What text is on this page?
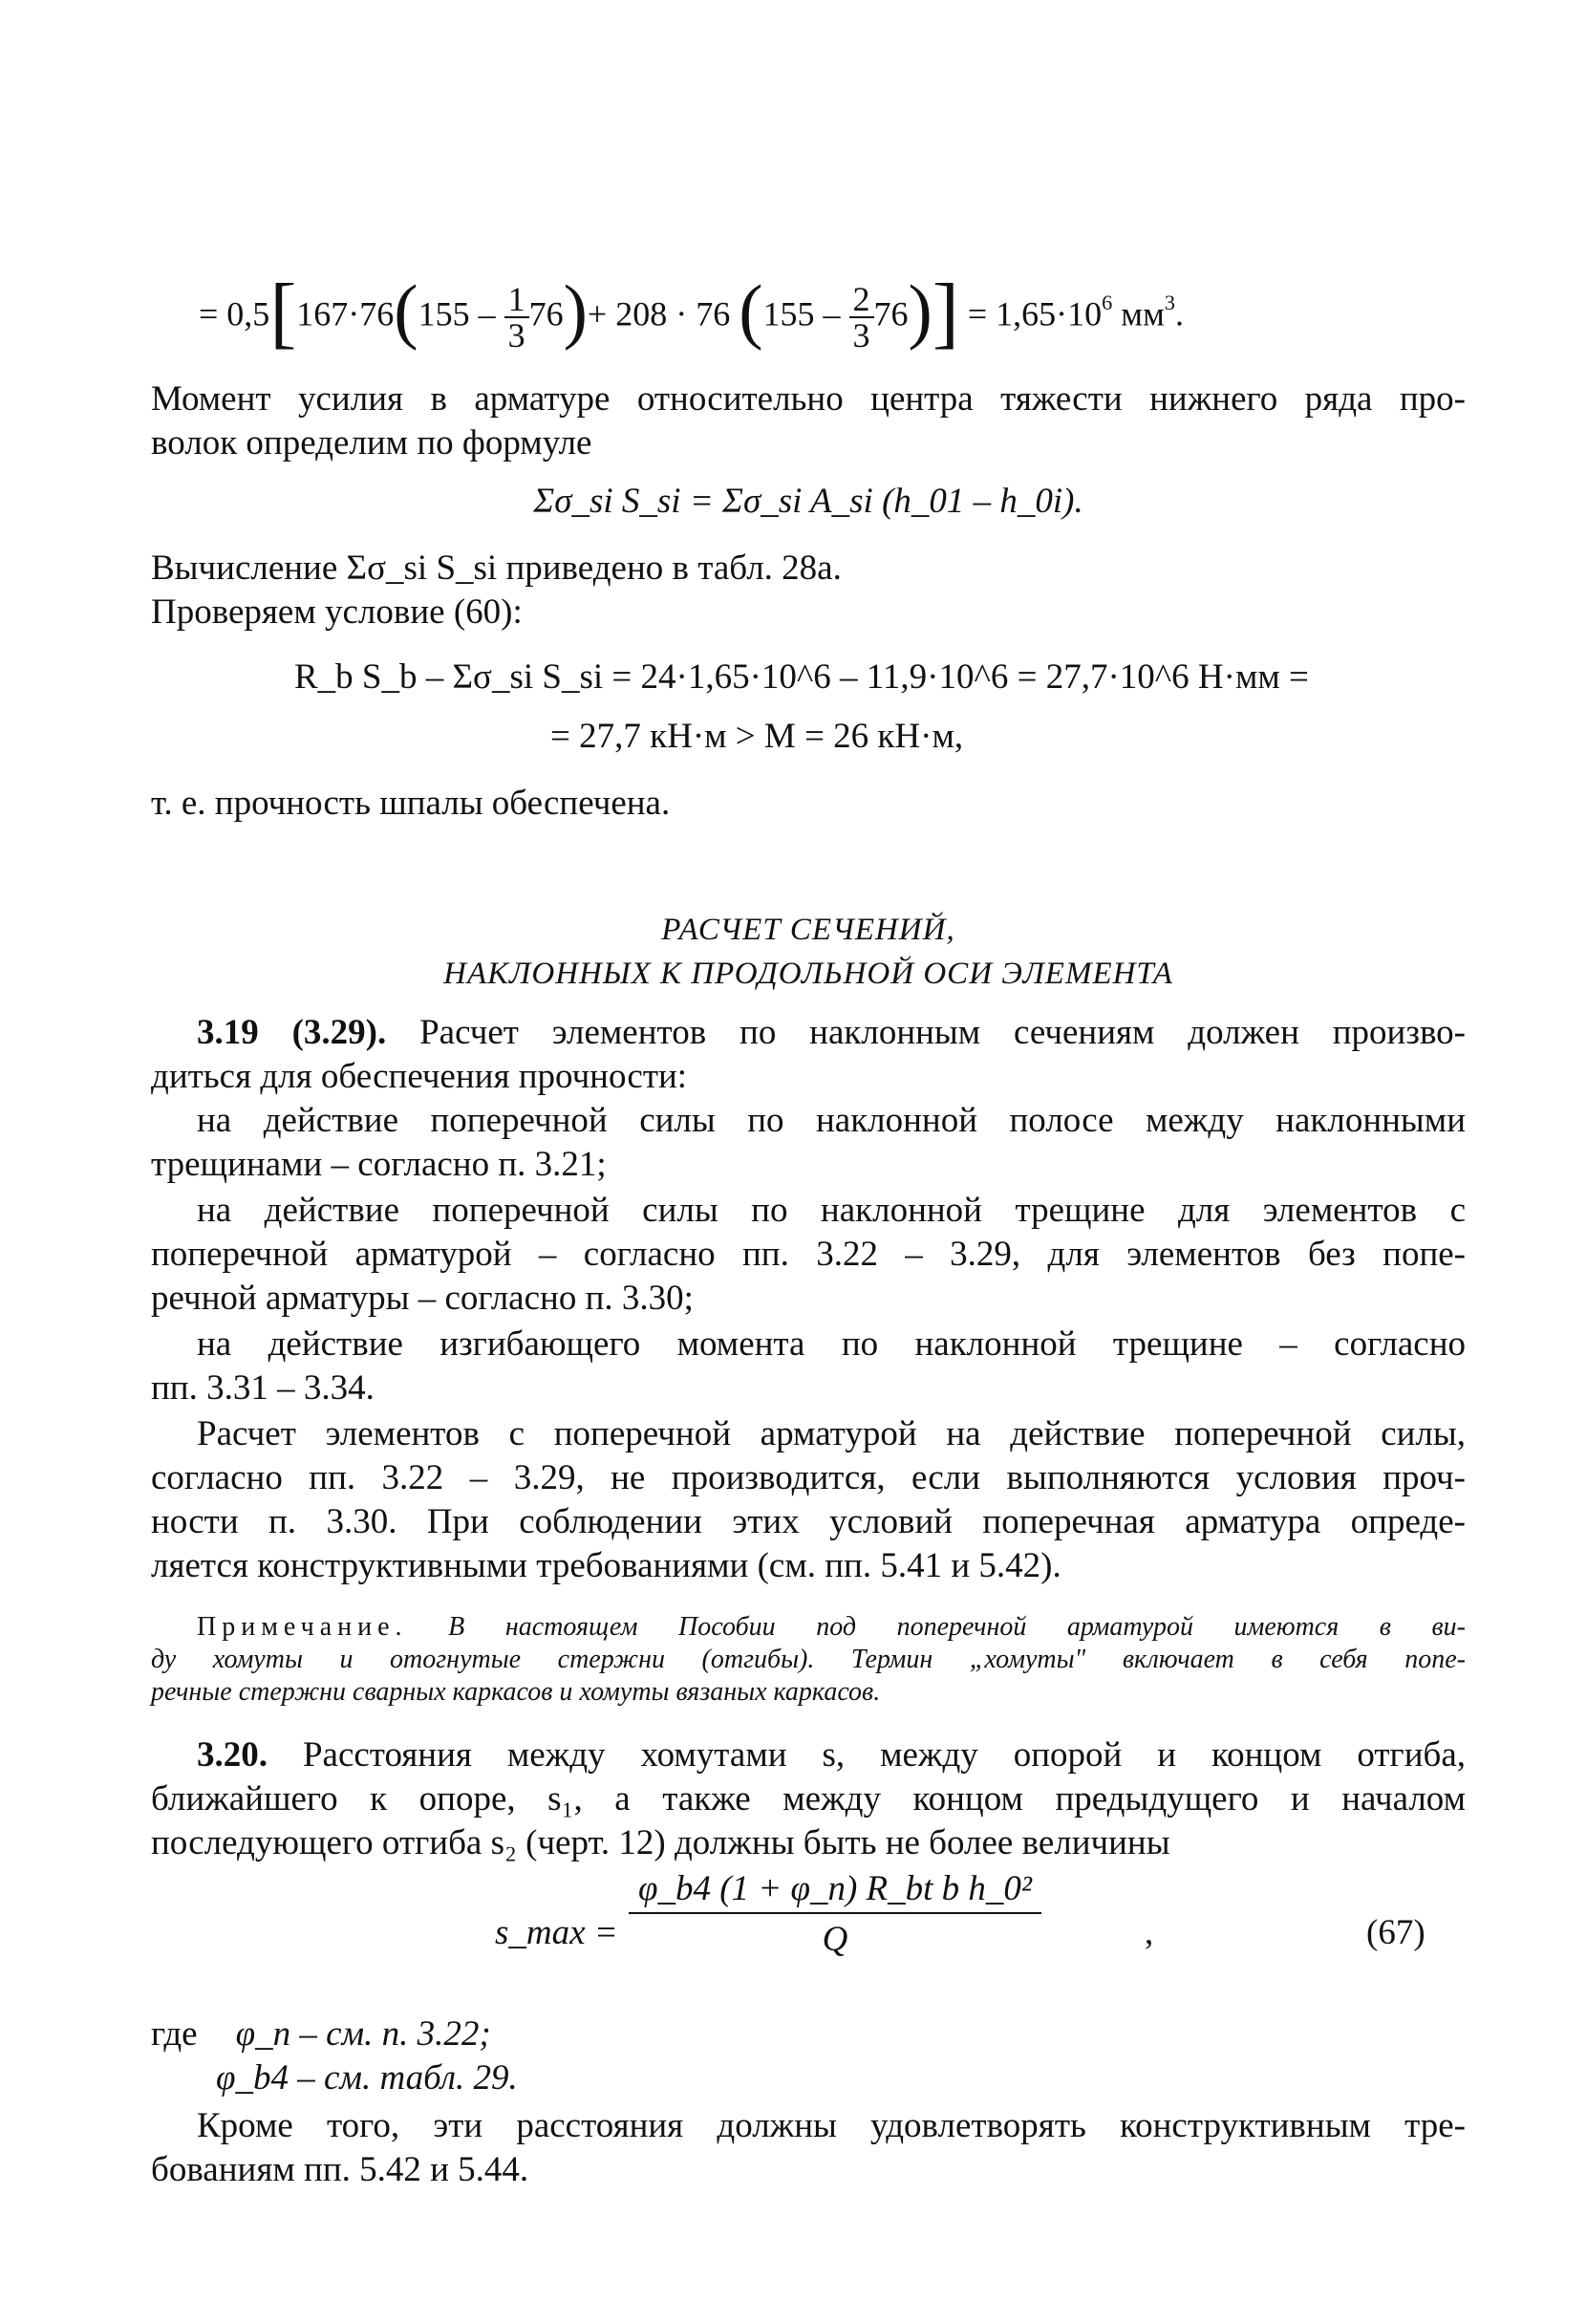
= $0,5[167\cdot 76(155 - \frac{1}{3} 76)+ 208 \cdot 76$ $(155 - \frac{2}{3} 76)] = 1,65\cdot 10^6$ $мм^3$.
Момент усилия в арматуре относительно центра тяжести нижнего ряда про-
волок определим по формуле
Σσ_si S_si = Σσ_si A_si (h_01 – h_0i).
Вычисление Σσ_si S_si приведено в табл. 28а.
Проверяем условие (60):
R_b S_b – Σσ_si S_si = 24·1,65·10^6 – 11,9·10^6 = 27,7·10^6 Н·мм =
= 27,7 кН·м > M = 26 кН·м,
т. е. прочность шпалы обеспечена.
РАСЧЕТ СЕЧЕНИЙ,
НАКЛОННЫХ К ПРОДОЛЬНОЙ ОСИ ЭЛЕМЕНТА
3.19 (3.29). Расчет элементов по наклонным сечениям должен произво-
диться для обеспечения прочности:
на действие поперечной силы по наклонной полосе между наклонными
трещинами – согласно п. 3.21;
на действие поперечной силы по наклонной трещине для элементов с
поперечной арматурой – согласно пп. 3.22 – 3.29, для элементов без попе-
речной арматуры – согласно п. 3.30;
на действие изгибающего момента по наклонной трещине – согласно
пп. 3.31 – 3.34.
Расчет элементов с поперечной арматурой на действие поперечной силы,
согласно пп. 3.22 – 3.29, не производится, если выполняются условия проч-
ности п. 3.30. При соблюдении этих условий поперечная арматура опреде-
ляется конструктивными требованиями (см. пп. 5.41 и 5.42).
Примечание. В настоящем Пособии под поперечной арматурой имеются в ви-
ду хомуты и отогнутые стержни (отгибы). Термин „хомуты" включает в себя попе-
речные стержни сварных каркасов и хомуты вязаных каркасов.
3.20. Расстояния между хомутами s, между опорой и концом отгиба,
ближайшего к опоре, s₁, а также между концом предыдущего и началом
последующего отгиба s₂ (черт. 12) должны быть не более величины
s_max = $\frac{\text{φ\_b4 (1 + φ\_n) R\_bt b h\_0²}}{Q}$	,	(67)
где φ_n – см. п. 3.22;
φ_b4 – см. табл. 29.
Кроме того, эти расстояния должны удовлетворять конструктивным тре-
бованиям пп. 5.42 и 5.44.
